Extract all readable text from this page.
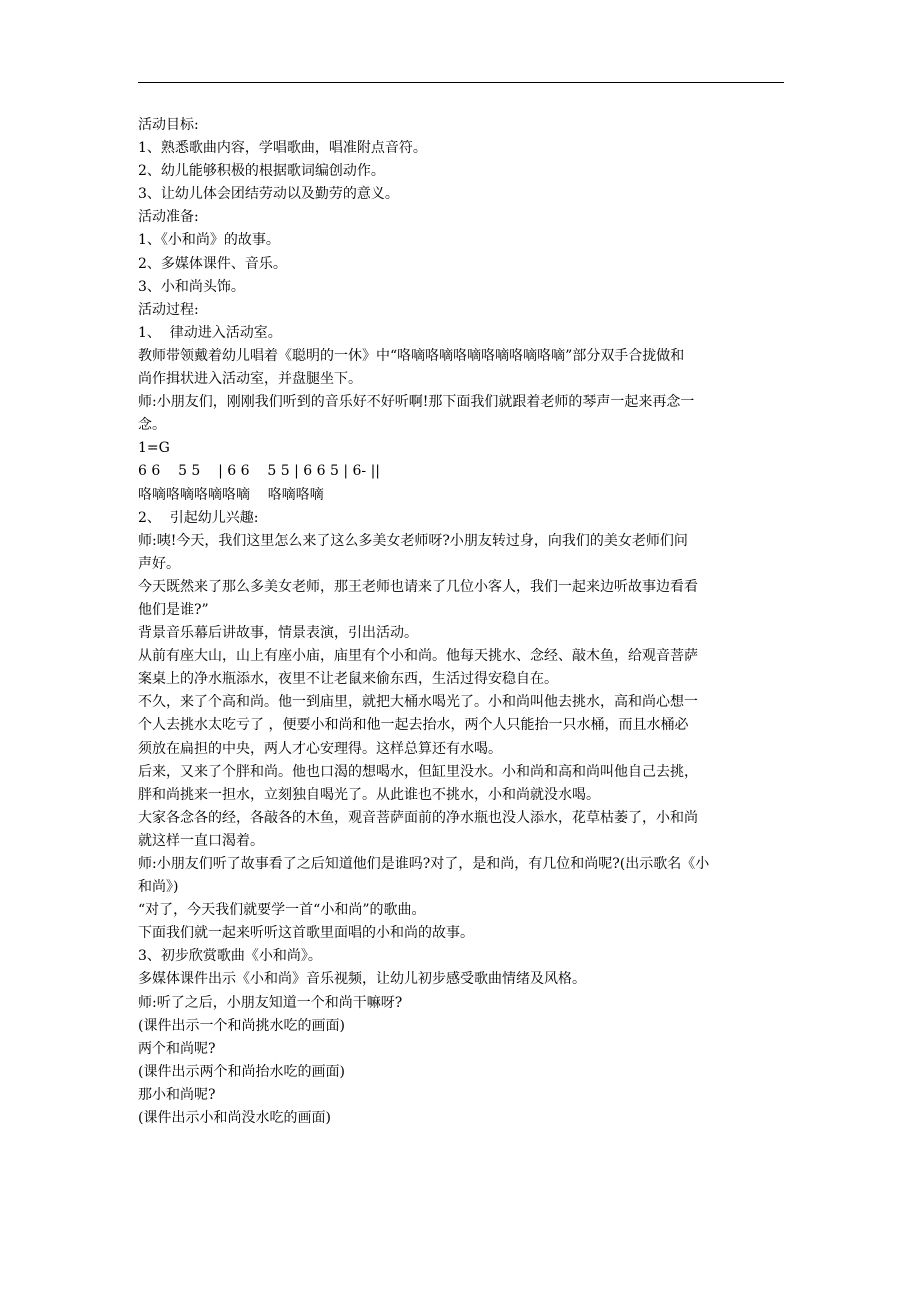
活动目标:

1、熟悉歌曲内容，学唱歌曲，唱准附点音符。

2、幼儿能够积极的根据歌词编创动作。

3、让幼儿体会团结劳动以及勤劳的意义。

活动准备:

1、《小和尚》的故事。

2、多媒体课件、音乐。

3、小和尚头饰。

活动过程:

1、  律动进入活动室。

教师带领戴着幼儿唱着《聪明的一休》中“咯嘀咯嘀咯嘀咯嘀咯嘀咯嘀”部分双手合拢做和

尚作揖状进入活动室，并盘腿坐下。

师:小朋友们，刚刚我们听到的音乐好不好听啊!那下面我们就跟着老师的琴声一起来再念一

念。

1=G

6 6    5 5    | 6 6    5 5 | 6 6 5 | 6- ||

咯嘀咯嘀咯嘀咯嘀    咯嘀咯嘀

2、  引起幼儿兴趣:

师:咦!今天，我们这里怎么来了这么多美女老师呀?小朋友转过身，向我们的美女老师们问

声好。

今天既然来了那么多美女老师，那王老师也请来了几位小客人，我们一起来边听故事边看看

他们是谁?”

背景音乐幕后讲故事，情景表演，引出活动。

从前有座大山，山上有座小庙，庙里有个小和尚。他每天挑水、念经、敲木鱼，给观音菩萨

案桌上的净水瓶添水，夜里不让老鼠来偷东西，生活过得安稳自在。

不久，来了个高和尚。他一到庙里，就把大桶水喝光了。小和尚叫他去挑水，高和尚心想一

个人去挑水太吃亏了 ，便要小和尚和他一起去抬水，两个人只能抬一只水桶，而且水桶必

须放在扁担的中央，两人才心安理得。这样总算还有水喝。

后来，又来了个胖和尚。他也口渴的想喝水，但缸里没水。小和尚和高和尚叫他自己去挑，

胖和尚挑来一担水，立刻独自喝光了。从此谁也不挑水，小和尚就没水喝。

大家各念各的经，各敲各的木鱼，观音菩萨面前的净水瓶也没人添水，花草枯萎了，小和尚

就这样一直口渴着。

师:小朋友们听了故事看了之后知道他们是谁吗?对了，是和尚，有几位和尚呢?(出示歌名《小

和尚》)

“对了，今天我们就要学一首“小和尚”的歌曲。

下面我们就一起来听听这首歌里面唱的小和尚的故事。

3、初步欣赏歌曲《小和尚》。

多媒体课件出示《小和尚》音乐视频，让幼儿初步感受歌曲情绪及风格。

师:听了之后，小朋友知道一个和尚干嘛呀?

(课件出示一个和尚挑水吃的画面)

两个和尚呢?

(课件出示两个和尚抬水吃的画面)

那小和尚呢?

(课件出示小和尚没水吃的画面)
